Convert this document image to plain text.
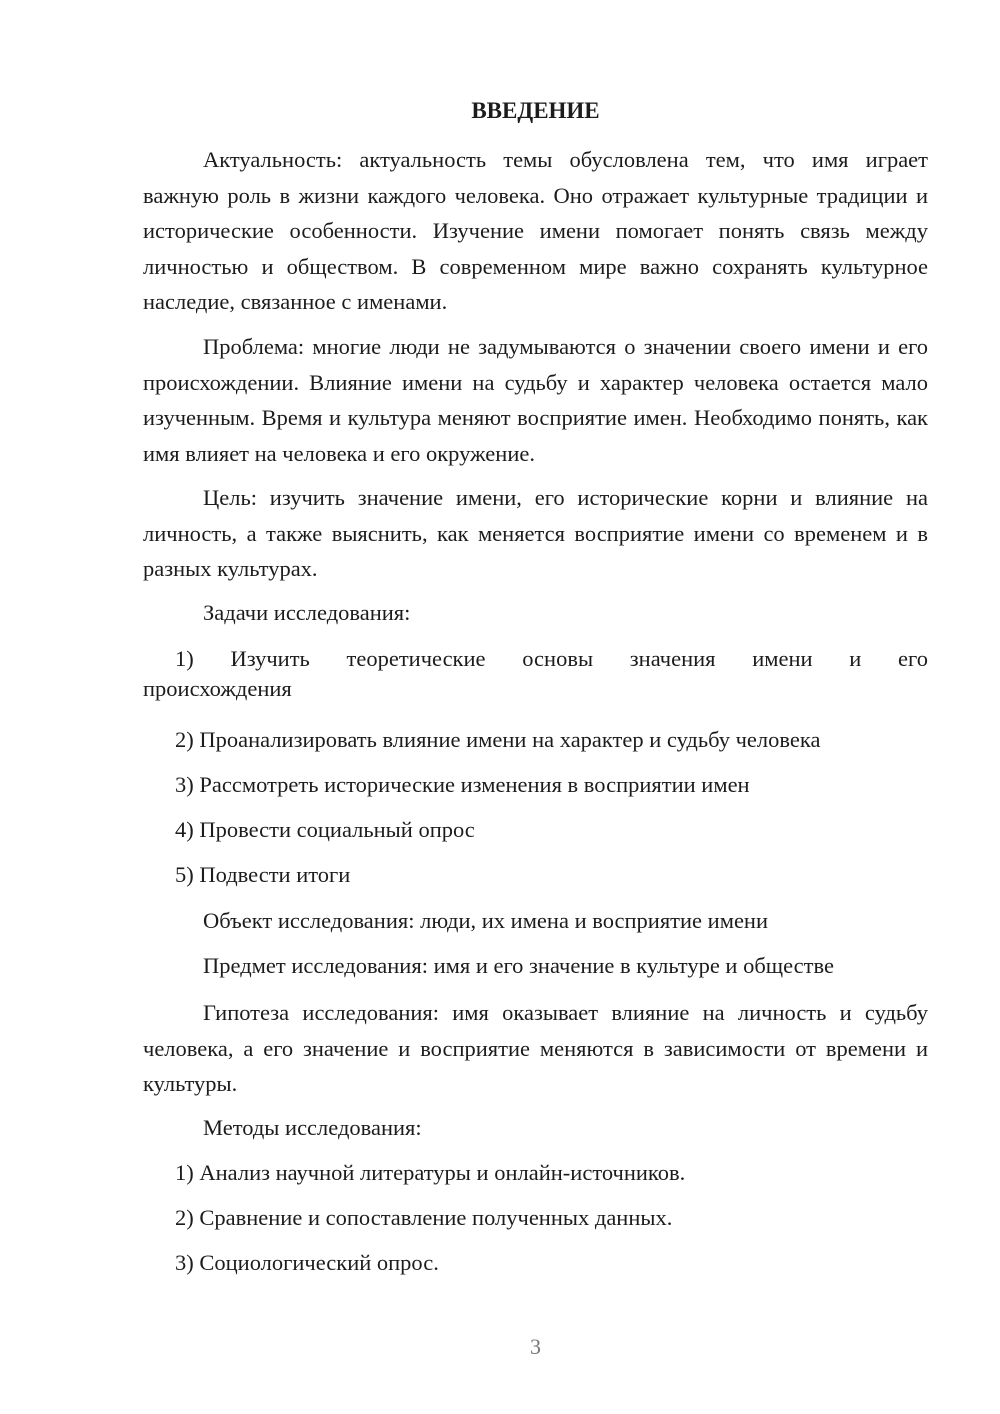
ВВЕДЕНИЕ

Актуальность: актуальность темы обусловлена тем, что имя играет важную роль в жизни каждого человека. Оно отражает культурные традиции и исторические особенности. Изучение имени помогает понять связь между личностью и обществом. В современном мире важно сохранять культурное наследие, связанное с именами.

Проблема: многие люди не задумываются о значении своего имени и его происхождении. Влияние имени на судьбу и характер человека остается мало изученным. Время и культура меняют восприятие имен. Необходимо понять, как имя влияет на человека и его окружение.

Цель: изучить значение имени, его исторические корни и влияние на личность, а также выяснить, как меняется восприятие имени со временем и в разных культурах.

Задачи исследования:

1) Изучить теоретические основы значения имени и его
происхождения

2) Проанализировать влияние имени на характер и судьбу человека

3) Рассмотреть исторические изменения в восприятии имен

4) Провести социальный опрос

5) Подвести итоги

Объект исследования: люди, их имена и восприятие имени

Предмет исследования: имя и его значение в культуре и обществе

Гипотеза исследования: имя оказывает влияние на личность и судьбу человека, а его значение и восприятие меняются в зависимости от времени и культуры.

Методы исследования:

1) Анализ научной литературы и онлайн-источников.

2) Сравнение и сопоставление полученных данных.

3) Социологический опрос.

3
